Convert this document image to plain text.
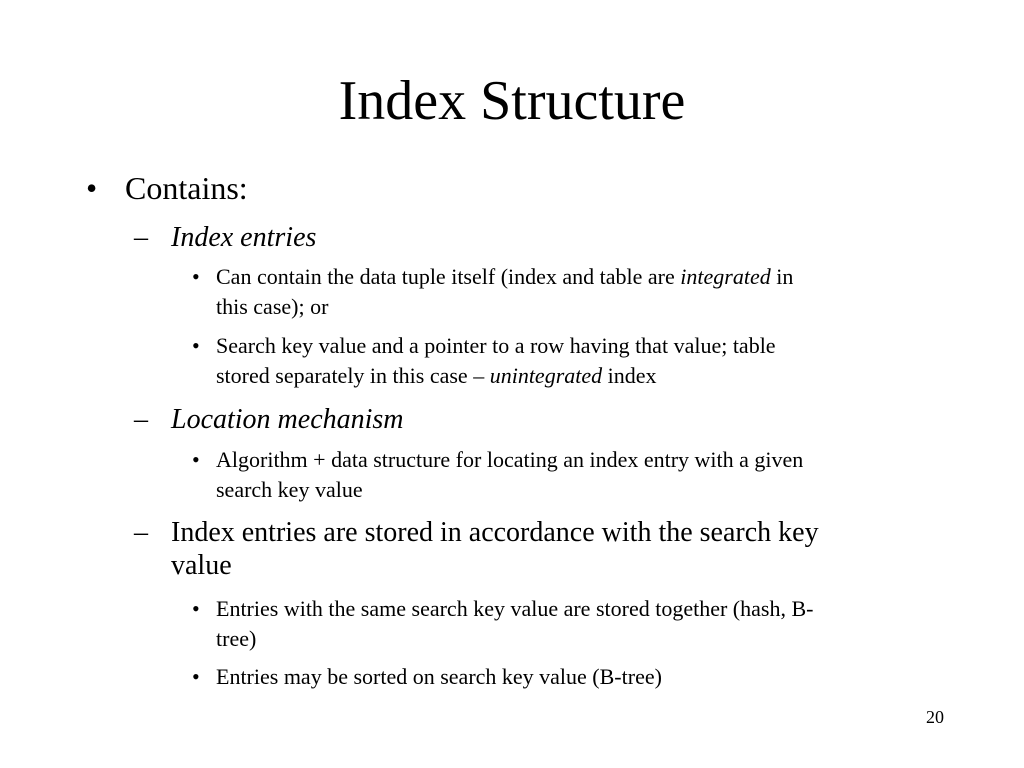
Index Structure
• Contains:
– Index entries
• Can contain the data tuple itself (index and table are integrated in
this case); or
• Search key value and a pointer to a row having that value; table
stored separately in this case – unintegrated index
– Location mechanism
• Algorithm + data structure for locating an index entry with a given
search key value
– Index entries are stored in accordance with the search key
value
• Entries with the same search key value are stored together (hash, B-
tree)
• Entries may be sorted on search key value (B-tree)
20
